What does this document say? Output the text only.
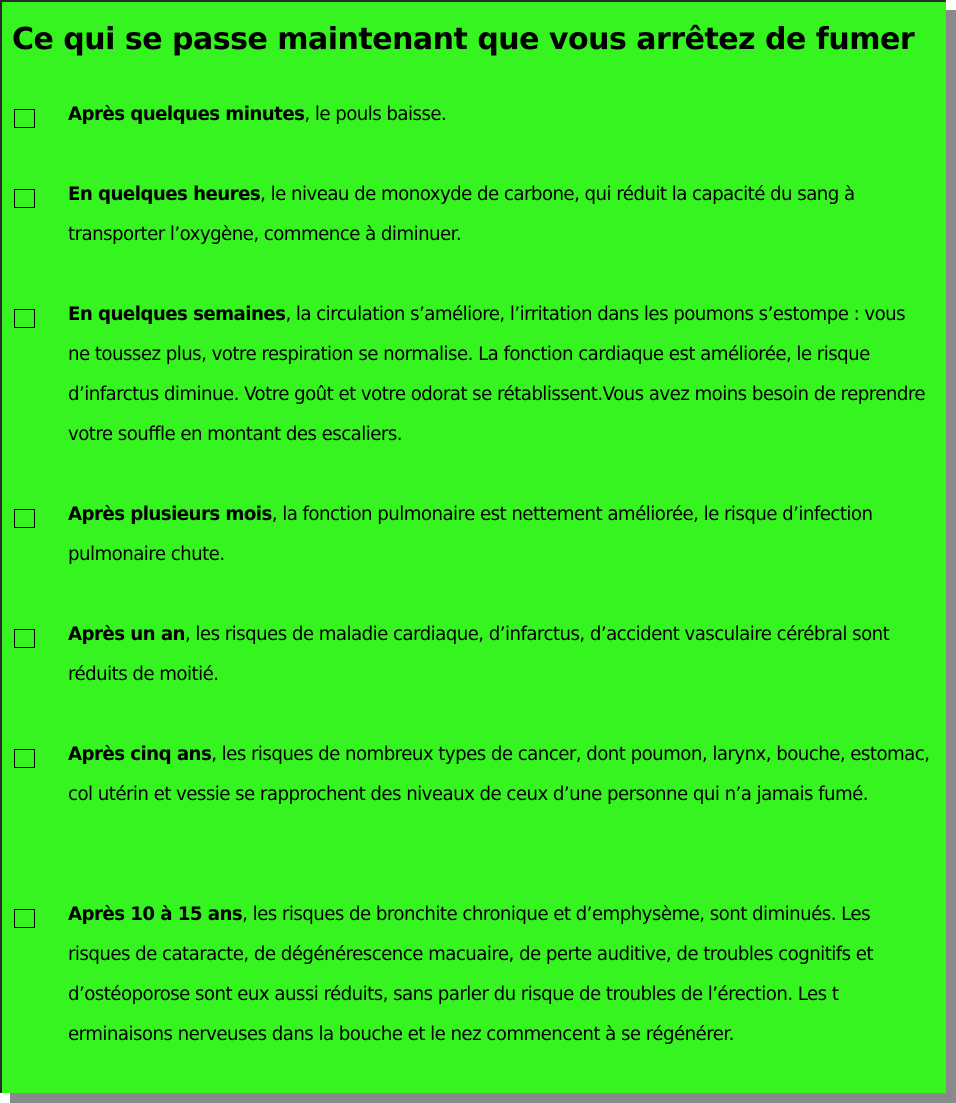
Ce qui se passe maintenant que vous arrêtez de fumer

Après quelques minutes, le pouls baisse.

En quelques heures, le niveau de monoxyde de carbone, qui réduit la capacité du sang à transporter l’oxygène, commence à diminuer.

En quelques semaines, la circulation s’améliore, l’irritation dans les poumons s’estompe : vous ne toussez plus, votre respiration se normalise. La fonction cardiaque est améliorée, le risque d’infarctus diminue. Votre goût et votre odorat se rétablissent.Vous avez moins besoin de reprendre votre souffle en montant des escaliers.

Après plusieurs mois, la fonction pulmonaire est nettement améliorée, le risque d’infection pulmonaire chute.

Après un an, les risques de maladie cardiaque, d’infarctus, d’accident vasculaire cérébral sont réduits de moitié.

Après cinq ans, les risques de nombreux types de cancer, dont poumon, larynx, bouche, estomac, col utérin et vessie se rapprochent des niveaux de ceux d’une personne qui n’a jamais fumé.

Après 10 à 15 ans, les risques de bronchite chronique et d’emphysème, sont diminués. Les risques de cataracte, de dégénérescence macuaire, de perte auditive, de troubles cognitifs et d’ostéoporose sont eux aussi réduits, sans parler du risque de troubles de l’érection. Les t erminaisons nerveuses dans la bouche et le nez commencent à se régénérer.
